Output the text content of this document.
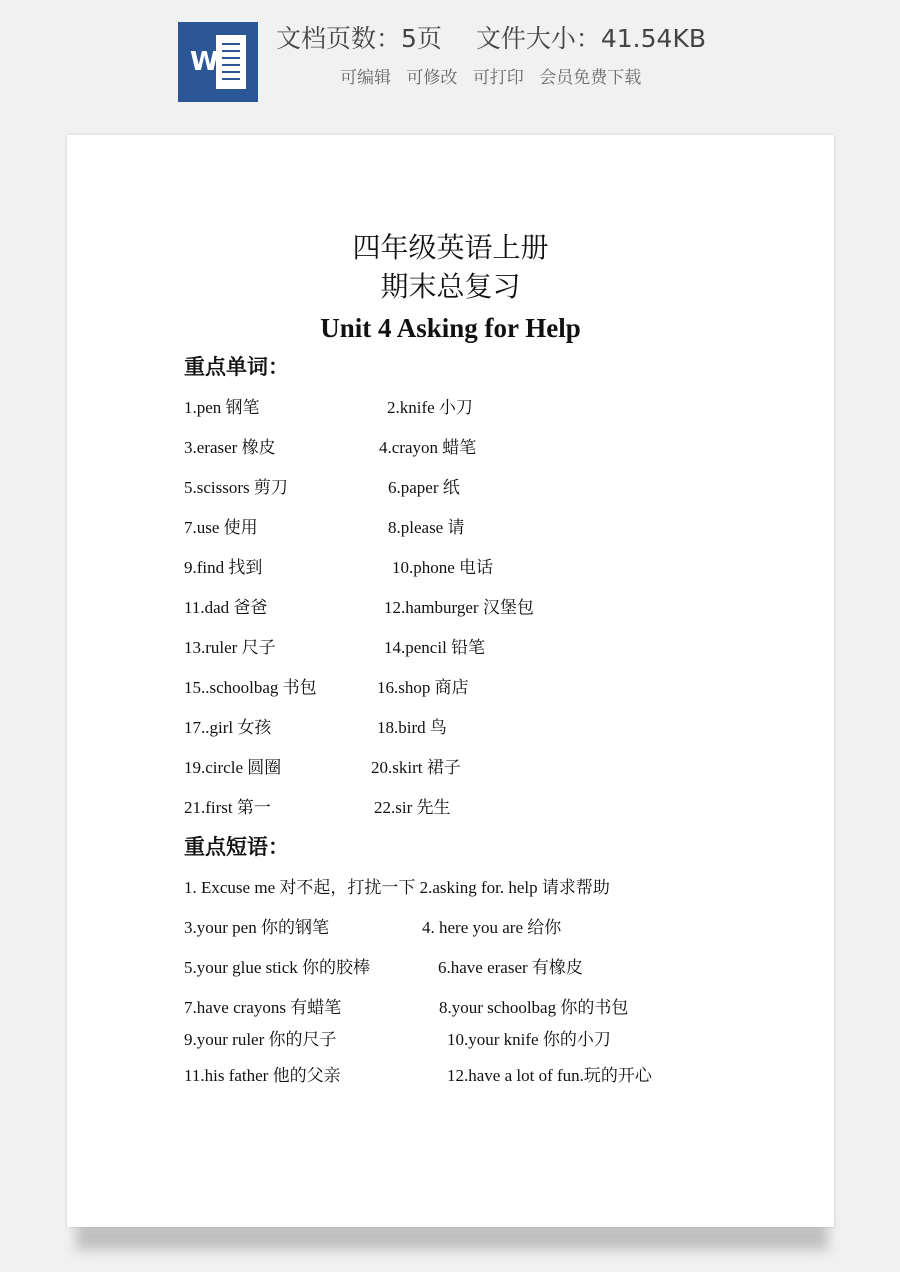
W
文档页数：5页 文件大小：41.54KB
可编辑 可修改 可打印 会员免费下载
四年级英语上册
期末总复习
Unit 4 Asking for Help
重点单词：
1.pen 钢笔	2.knife 小刀
3.eraser 橡皮	4.crayon 蜡笔
5.scissors 剪刀	6.paper 纸
7.use 使用	8.please 请
9.find 找到	10.phone 电话
11.dad 爸爸	12.hamburger 汉堡包
13.ruler 尺子	14.pencil 铅笔
15..schoolbag 书包	16.shop 商店
17..girl 女孩	18.bird 鸟
19.circle 圆圈	20.skirt 裙子
21.first 第一	22.sir 先生
重点短语：
1. Excuse me 对不起，打扰一下 2.asking for. help 请求帮助
3.your pen 你的钢笔	4. here you are 给你
5.your glue stick 你的胶棒	6.have eraser 有橡皮
7.have crayons 有蜡笔	8.your schoolbag 你的书包
9.your ruler 你的尺子	10.your knife 你的小刀
11.his father 他的父亲	12.have a lot of fun.玩的开心
